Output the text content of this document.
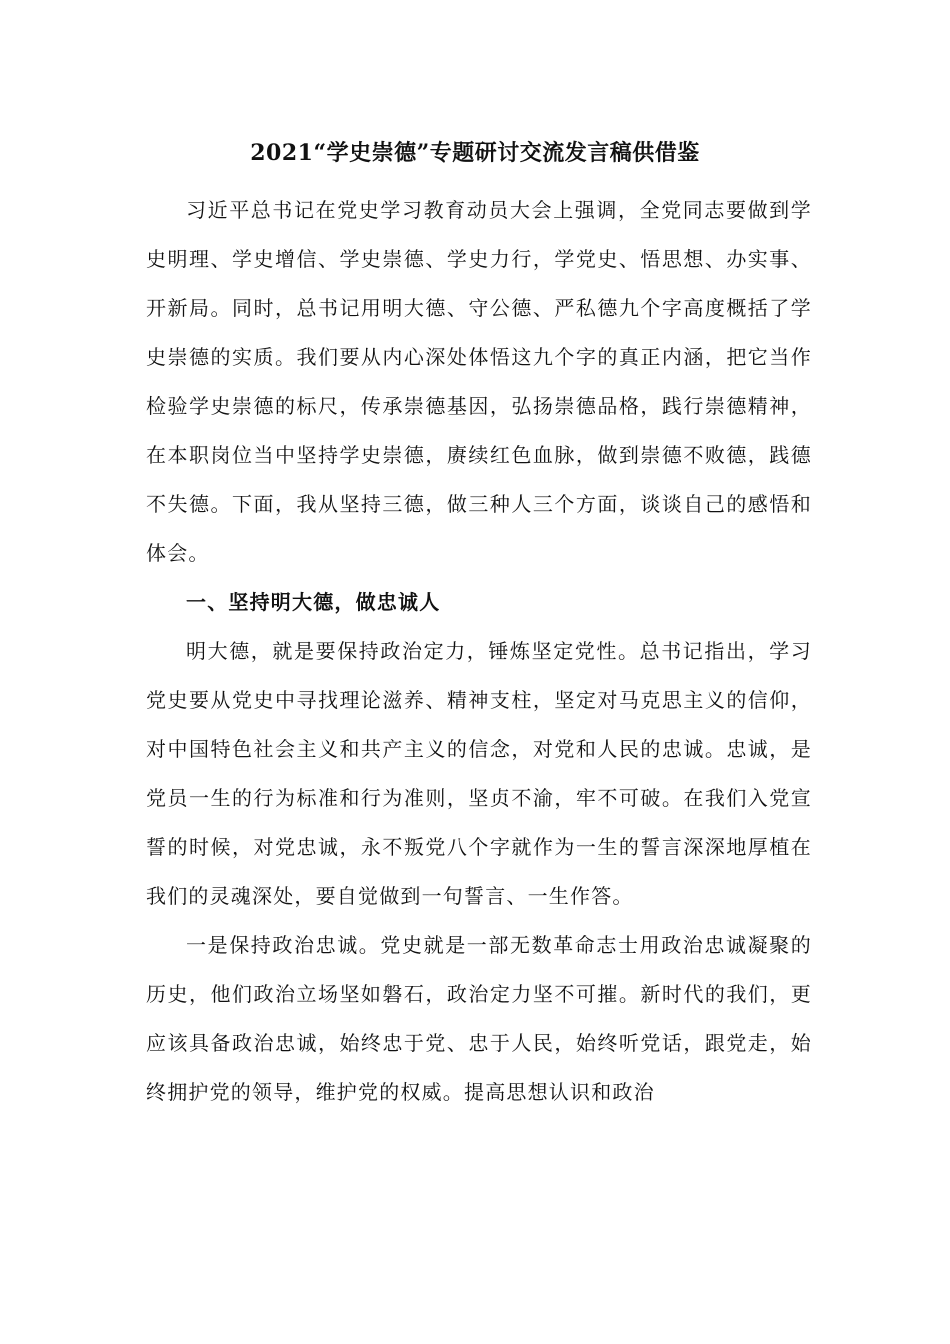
2021“学史崇德”专题研讨交流发言稿供借鉴

习近平总书记在党史学习教育动员大会上强调，全党同志要做到学史明理、学史增信、学史崇德、学史力行，学党史、悟思想、办实事、开新局。同时，总书记用明大德、守公德、严私德九个字高度概括了学史崇德的实质。我们要从内心深处体悟这九个字的真正内涵，把它当作检验学史崇德的标尺，传承崇德基因，弘扬崇德品格，践行崇德精神，在本职岗位当中坚持学史崇德，赓续红色血脉，做到崇德不败德，践德不失德。下面，我从坚持三德，做三种人三个方面，谈谈自己的感悟和体会。

一、坚持明大德，做忠诚人

明大德，就是要保持政治定力，锤炼坚定党性。总书记指出，学习党史要从党史中寻找理论滋养、精神支柱，坚定对马克思主义的信仰，对中国特色社会主义和共产主义的信念，对党和人民的忠诚。忠诚，是党员一生的行为标准和行为准则，坚贞不渝，牢不可破。在我们入党宣誓的时候，对党忠诚，永不叛党八个字就作为一生的誓言深深地厚植在我们的灵魂深处，要自觉做到一句誓言、一生作答。

一是保持政治忠诚。党史就是一部无数革命志士用政治忠诚凝聚的历史，他们政治立场坚如磐石，政治定力坚不可摧。新时代的我们，更应该具备政治忠诚，始终忠于党、忠于人民，始终听党话，跟党走，始终拥护党的领导，维护党的权威。提高思想认识和政治
